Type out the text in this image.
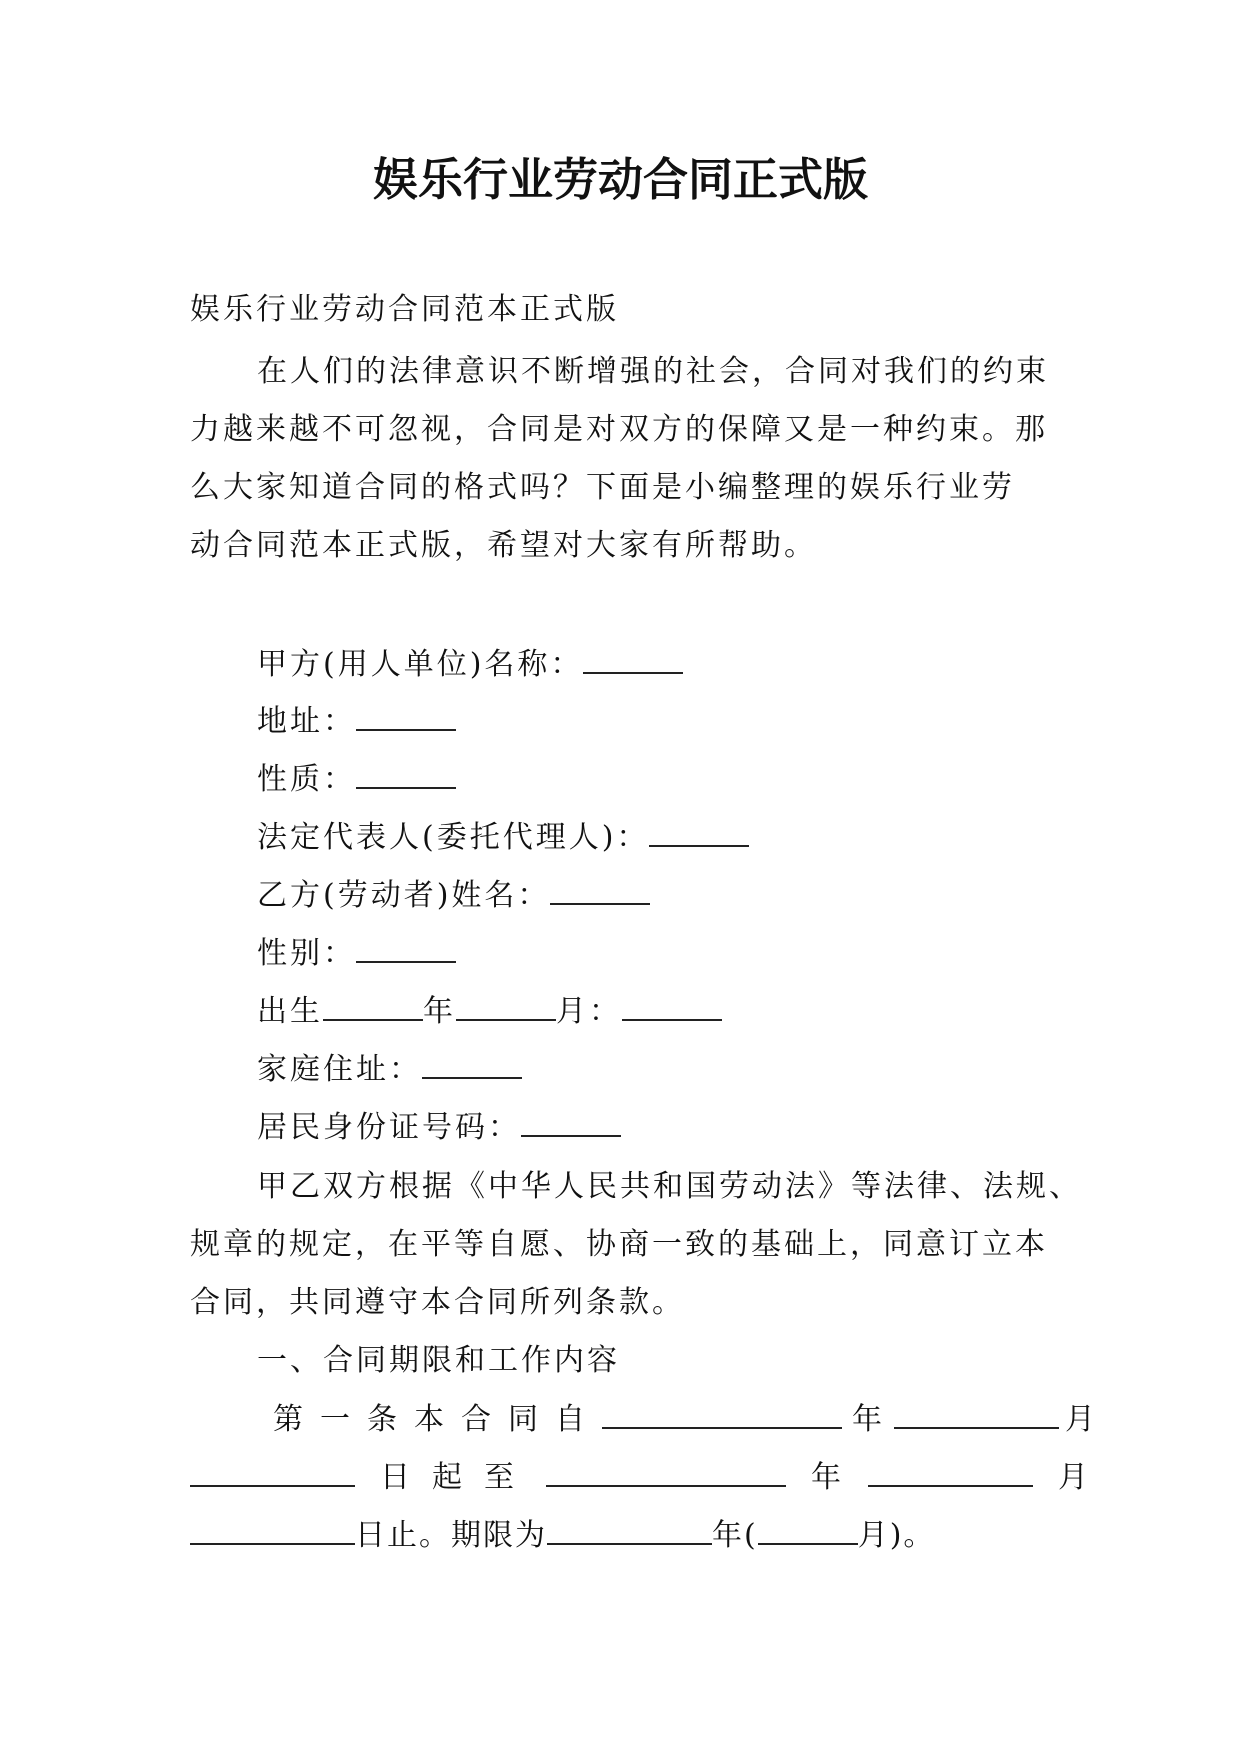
娱乐行业劳动合同正式版
娱乐行业劳动合同范本正式版
在人们的法律意识不断增强的社会，合同对我们的约束
力越来越不可忽视，合同是对双方的保障又是一种约束。那
么大家知道合同的格式吗？下面是小编整理的娱乐行业劳
动合同范本正式版，希望对大家有所帮助。
甲方(用人单位)名称：
地址：
性质：
法定代表人(委托代理人)：
乙方(劳动者)姓名：
性别：
出生	年	月：
家庭住址：
居民身份证号码：
甲乙双方根据《中华人民共和国劳动法》等法律、法规、
规章的规定，在平等自愿、协商一致的基础上，同意订立本
合同，共同遵守本合同所列条款。
一、合同期限和工作内容
第一条本合同自	年	月
日起至	年	月
日止。期限为	年(	月)。
